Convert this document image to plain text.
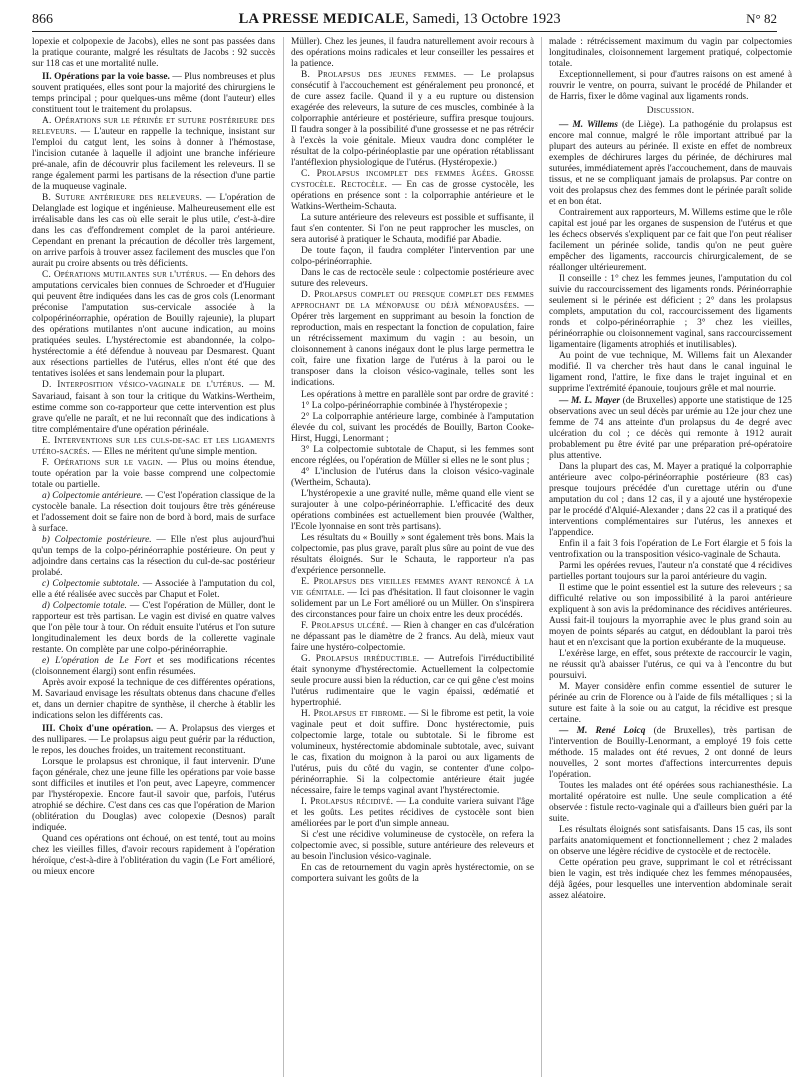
866	LA PRESSE MEDICALE, Samedi, 13 Octobre 1923	N° 82

lopexie et colpopexie de Jacobs), elles ne sont pas passées dans la pratique courante, malgré les résultats de Jacobs : 92 succès sur 118 cas et une mortalité nulle.

II. Opérations par la voie basse. — Plus nombreuses et plus souvent pratiquées, elles sont pour la majorité des chirurgiens le temps principal ; pour quelques-uns même (dont l'auteur) elles constituent tout le traitement du prolapsus.

A. Opérations sur le périnée et suture postérieure des releveurs. — L'auteur en rappelle la technique, insistant sur l'emploi du catgut lent, les soins à donner à l'hémostase, l'incision cutanée à laquelle il adjoint une branche inférieure pré-anale, afin de découvrir plus facilement les releveurs. Il se range également parmi les partisans de la résection d'une partie de la muqueuse vaginale.

B. Suture antérieure des releveurs. — L'opération de Delanglade est logique et ingénieuse. Malheureusement elle est irréalisable dans les cas où elle serait le plus utile, c'est-à-dire dans les cas d'effondrement complet de la paroi antérieure. Cependant en prenant la précaution de décoller très largement, on arrive parfois à trouver assez facilement des muscles que l'on aurait pu croire absents ou très déficients.

C. Opérations mutilantes sur l'utérus. — En dehors des amputations cervicales bien connues de Schroeder et d'Huguier qui peuvent être indiquées dans les cas de gros cols (Lenormant préconise l'amputation sus-cervicale associée à la colpopérinéorraphie, opération de Bouilly rajeunie), la plupart des opérations mutilantes n'ont aucune indication, au moins pratiquées seules. L'hystérectomie est abandonnée, la colpo-hystérectomie a été défendue à nouveau par Desmarest. Quant aux résections partielles de l'utérus, elles n'ont été que des tentatives isolées et sans lendemain pour la plupart.

D. Interposition vésico-vaginale de l'utérus. — M. Savariaud, faisant à son tour la critique du Watkins-Wertheim, estime comme son co-rapporteur que cette intervention est plus grave qu'elle ne paraît, et ne lui reconnaît que des indications à titre complémentaire d'une opération périnéale.

E. Interventions sur les culs-de-sac et les ligaments utéro-sacrés. — Elles ne méritent qu'une simple mention.

F. Opérations sur le vagin. — Plus ou moins étendue, toute opération par la voie basse comprend une colpectomie totale ou partielle.

a) Colpectomie antérieure. — C'est l'opération classique de la cystocèle banale. La résection doit toujours être très généreuse et l'adossement doit se faire non de bord à bord, mais de surface à surface.

b) Colpectomie postérieure. — Elle n'est plus aujourd'hui qu'un temps de la colpo-périnéorraphie postérieure. On peut y adjoindre dans certains cas la résection du cul-de-sac postérieur prolabé.

c) Colpectomie subtotale. — Associée à l'amputation du col, elle a été réalisée avec succès par Chaput et Folet.

d) Colpectomie totale. — C'est l'opération de Müller, dont le rapporteur est très partisan. Le vagin est divisé en quatre valves que l'on pèle tour à tour. On réduit ensuite l'utérus et l'on suture longitudinalement les deux bords de la collerette vaginale restante. On complète par une colpo-périnéorraphie.

e) L'opération de Le Fort et ses modifications récentes (cloisonnement élargi) sont enfin résumées.

Après avoir exposé la technique de ces différentes opérations, M. Savariaud envisage les résultats obtenus dans chacune d'elles et, dans un dernier chapitre de synthèse, il cherche à établir les indications selon les différents cas.

III. Choix d'une opération. — A. Prolapsus des vierges et des nullipares. — Le prolapsus aigu peut guérir par la réduction, le repos, les douches froides, un traitement reconstituant.

Lorsque le prolapsus est chronique, il faut intervenir. D'une façon générale, chez une jeune fille les opérations par voie basse sont difficiles et inutiles et l'on peut, avec Lapeyre, commencer par l'hystéropexie. Encore faut-il savoir que, parfois, l'utérus atrophié se déchire. C'est dans ces cas que l'opération de Marion (oblitération du Douglas) avec colopexie (Desnos) paraît indiquée.

Quand ces opérations ont échoué, on est tenté, tout au moins chez les vieilles filles, d'avoir recours rapidement à l'opération héroïque, c'est-à-dire à l'oblitération du vagin (Le Fort amélioré, ou mieux encore

Müller). Chez les jeunes, il faudra naturellement avoir recours à des opérations moins radicales et leur conseiller les pessaires et la patience.

B. Prolapsus des jeunes femmes. — Le prolapsus consécutif à l'accouchement est généralement peu prononcé, et de cure assez facile. Quand il y a eu rupture ou distension exagérée des releveurs, la suture de ces muscles, combinée à la colporraphie antérieure et postérieure, suffira presque toujours. Il faudra songer à la possibilité d'une grossesse et ne pas rétrécir à l'excès la voie génitale. Mieux vaudra donc compléter le résultat de la colpo-périnéoplastie par une opération rétablissant l'antéflexion physiologique de l'utérus. (Hystéropexie.)

C. Prolapsus incomplet des femmes âgées. Grosse cystocèle. Rectocèle. — En cas de grosse cystocèle, les opérations en présence sont : la colporraphie antérieure et le Watkins-Wertheim-Schauta.

La suture antérieure des releveurs est possible et suffisante, il faut s'en contenter. Si l'on ne peut rapprocher les muscles, on sera autorisé à pratiquer le Schauta, modifié par Abadie.

De toute façon, il faudra compléter l'intervention par une colpo-périnéorraphie.

Dans le cas de rectocèle seule : colpectomie postérieure avec suture des releveurs.

D. Prolapsus complet ou presque complet des femmes approchant de la ménopause ou déjà ménopausées. — Opérer très largement en supprimant au besoin la fonction de reproduction, mais en respectant la fonction de copulation, faire un rétrécissement maximum du vagin : au besoin, un cloisonnement à canons inégaux dont le plus large permettra le coït, faire une fixation large de l'utérus à la paroi ou le transposer dans la cloison vésico-vaginale, telles sont les indications.

Les opérations à mettre en parallèle sont par ordre de gravité :

1° La colpo-périnéorraphie combinée à l'hystéropexie ;

2° La colporraphie antérieure large, combinée à l'amputation élevée du col, suivant les procédés de Bouilly, Barton Cooke-Hirst, Huggi, Lenormant ;

3° La colpectomie subtotale de Chaput, si les femmes sont encore réglées, ou l'opération de Müller si elles ne le sont plus ;

4° L'inclusion de l'utérus dans la cloison vésico-vaginale (Wertheim, Schauta).

L'hystéropexie a une gravité nulle, même quand elle vient se surajouter à une colpo-périnéorraphie. L'efficacité des deux opérations combinées est actuellement bien prouvée (Walther, l'Ecole lyonnaise en sont très partisans).

Les résultats du « Bouilly » sont également très bons. Mais la colpectomie, pas plus grave, paraît plus sûre au point de vue des résultats éloignés. Sur le Schauta, le rapporteur n'a pas d'expérience personnelle.

E. Prolapsus des vieilles femmes ayant renoncé à la vie génitale. — Ici pas d'hésitation. Il faut cloisonner le vagin solidement par un Le Fort amélioré ou un Müller. On s'inspirera des circonstances pour faire un choix entre les deux procédés.

F. Prolapsus ulcéré. — Rien à changer en cas d'ulcération ne dépassant pas le diamètre de 2 francs. Au delà, mieux vaut faire une hystéro-colpectomie.

G. Prolapsus irréductible. — Autrefois l'irréductibilité était synonyme d'hystérectomie. Actuellement la colpectomie seule procure aussi bien la réduction, car ce qui gêne c'est moins l'utérus rudimentaire que le vagin épaissi, œdématié et hypertrophié.

H. Prolapsus et fibrome. — Si le fibrome est petit, la voie vaginale peut et doit suffire. Donc hystérectomie, puis colpectomie large, totale ou subtotale. Si le fibrome est volumineux, hystérectomie abdominale subtotale, avec, suivant le cas, fixation du moignon à la paroi ou aux ligaments de l'utérus, puis du côté du vagin, se contenter d'une colpo-périnéorraphie. Si la colpectomie antérieure était jugée nécessaire, faire le temps vaginal avant l'hystérectomie.

I. Prolapsus récidivé. — La conduite variera suivant l'âge et les goûts. Les petites récidives de cystocèle sont bien améliorées par le port d'un simple anneau.

Si c'est une récidive volumineuse de cystocèle, on refera la colpectomie avec, si possible, suture antérieure des releveurs et au besoin l'inclusion vésico-vaginale.

En cas de retournement du vagin après hystérectomie, on se comportera suivant les goûts de la

malade : rétrécissement maximum du vagin par colpectomies longitudinales, cloisonnement largement pratiqué, colpectomie totale.

Exceptionnellement, si pour d'autres raisons on est amené à rouvrir le ventre, on pourra, suivant le procédé de Philander et de Harris, fixer le dôme vaginal aux ligaments ronds.

Discussion.

— M. Willems (de Liège). La pathogénie du prolapsus est encore mal connue, malgré le rôle important attribué par la plupart des auteurs au périnée. Il existe en effet de nombreux exemples de déchirures larges du périnée, de déchirures mal suturées, immédiatement après l'accouchement, dans de mauvais tissus, et ne se compliquant jamais de prolapsus. Par contre on voit des prolapsus chez des femmes dont le périnée paraît solide et en bon état.

Contrairement aux rapporteurs, M. Willems estime que le rôle capital est joué par les organes de suspension de l'utérus et que les échecs observés s'expliquent par ce fait que l'on peut réaliser facilement un périnée solide, tandis qu'on ne peut guère empêcher des ligaments, raccourcis chirurgicalement, de se réallonger ultérieurement.

Il conseille : 1° chez les femmes jeunes, l'amputation du col suivie du raccourcissement des ligaments ronds. Périnéorraphie seulement si le périnée est déficient ; 2° dans les prolapsus complets, amputation du col, raccourcissement des ligaments ronds et colpo-périnéorraphie ; 3° chez les vieilles, périnéorraphie ou cloisonnement vaginal, sans raccourcissement ligamentaire (ligaments atrophiés et inutilisables).

Au point de vue technique, M. Willems fait un Alexander modifié. Il va chercher très haut dans le canal inguinal le ligament rond, l'attire, le fixe dans le trajet inguinal et en supprime l'extrémité épanouie, toujours grêle et mal nourrie.

— M. L. Mayer (de Bruxelles) apporte une statistique de 125 observations avec un seul décès par urémie au 12e jour chez une femme de 74 ans atteinte d'un prolapsus du 4e degré avec ulcération du col ; ce décès qui remonte à 1912 aurait probablement pu être évité par une préparation pré-opératoire plus attentive.

Dans la plupart des cas, M. Mayer a pratiqué la colporraphie antérieure avec colpo-périnéorraphie postérieure (83 cas) presque toujours précédée d'un curettage utérin ou d'une amputation du col ; dans 12 cas, il y a ajouté une hystéropexie par le procédé d'Alquié-Alexander ; dans 22 cas il a pratiqué des interventions complémentaires sur l'utérus, les annexes et l'appendice.

Enfin il a fait 3 fois l'opération de Le Fort élargie et 5 fois la ventrofixation ou la transposition vésico-vaginale de Schauta.

Parmi les opérées revues, l'auteur n'a constaté que 4 récidives partielles portant toujours sur la paroi antérieure du vagin.

Il estime que le point essentiel est la suture des releveurs ; sa difficulté relative ou son impossibilité à la paroi antérieure expliquent à son avis la prédominance des récidives antérieures. Aussi fait-il toujours la myorraphie avec le plus grand soin au moyen de points séparés au catgut, en dédoublant la paroi très haut et en n'excisant que la portion exubérante de la muqueuse.

L'exérèse large, en effet, sous prétexte de raccourcir le vagin, ne réussit qu'à abaisser l'utérus, ce qui va à l'encontre du but poursuivi.

M. Mayer considère enfin comme essentiel de suturer le périnée au crin de Florence ou à l'aide de fils métalliques ; si la suture est faite à la soie ou au catgut, la récidive est presque certaine.

— M. René Loicq (de Bruxelles), très partisan de l'intervention de Bouilly-Lenormant, a employé 19 fois cette méthode. 15 malades ont été revues, 2 ont donné de leurs nouvelles, 2 sont mortes d'affections intercurrentes depuis l'opération.

Toutes les malades ont été opérées sous rachianesthésie. La mortalité opératoire est nulle. Une seule complication a été observée : fistule recto-vaginale qui a d'ailleurs bien guéri par la suite.

Les résultats éloignés sont satisfaisants. Dans 15 cas, ils sont parfaits anatomiquement et fonctionnellement ; chez 2 malades on observe une légère récidive de cystocèle et de rectocèle.

Cette opération peu grave, supprimant le col et rétrécissant bien le vagin, est très indiquée chez les femmes ménopausées, déjà âgées, pour lesquelles une intervention abdominale serait assez aléatoire.
